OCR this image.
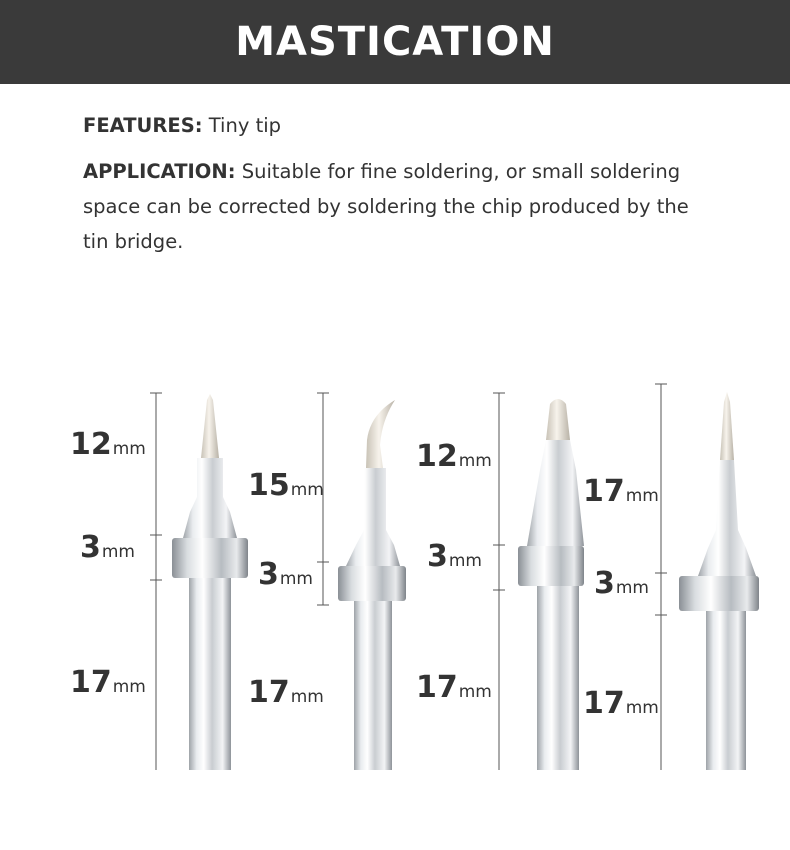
MASTICATION

FEATURES: Tiny tip

APPLICATION: Suitable for fine soldering, or small soldering space can be corrected by soldering the chip produced by the tin bridge.

12mm
3mm
17mm
15mm
3mm
17mm
12mm
3mm
17mm
17mm
3mm
17mm
